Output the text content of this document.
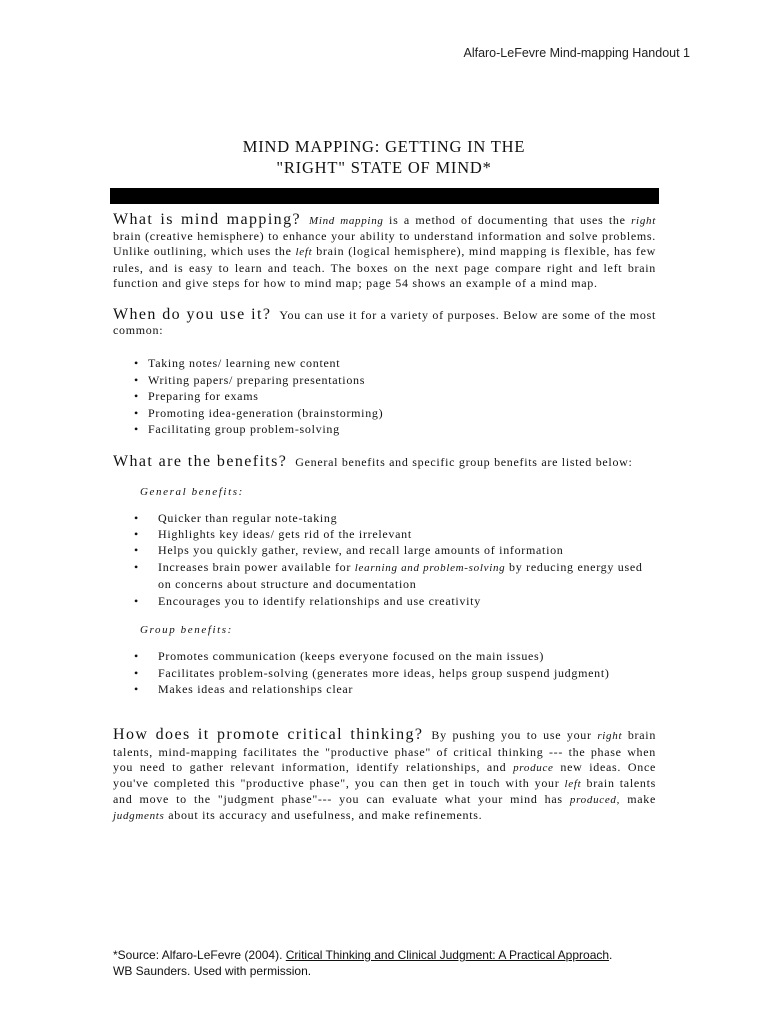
Alfaro-LeFevre Mind-mapping Handout 1
MIND MAPPING: GETTING IN THE
"RIGHT" STATE OF MIND*

What is mind mapping? Mind mapping is a method of documenting that uses the right brain (creative hemisphere) to enhance your ability to understand information and solve problems. Unlike outlining, which uses the left brain (logical hemisphere), mind mapping is flexible, has few rules, and is easy to learn and teach. The boxes on the next page compare right and left brain function and give steps for how to mind map; page 54 shows an example of a mind map.

When do you use it? You can use it for a variety of purposes. Below are some of the most common:

• Taking notes/ learning new content
• Writing papers/ preparing presentations
• Preparing for exams
• Promoting idea-generation (brainstorming)
• Facilitating group problem-solving

What are the benefits? General benefits and specific group benefits are listed below:

General benefits:
• Quicker than regular note-taking
• Highlights key ideas/ gets rid of the irrelevant
• Helps you quickly gather, review, and recall large amounts of information
• Increases brain power available for learning and problem-solving by reducing energy used on concerns about structure and documentation
• Encourages you to identify relationships and use creativity
Group benefits:
• Promotes communication (keeps everyone focused on the main issues)
• Facilitates problem-solving (generates more ideas, helps group suspend judgment)
• Makes ideas and relationships clear

How does it promote critical thinking? By pushing you to use your right brain talents, mind-mapping facilitates the "productive phase" of critical thinking --- the phase when you need to gather relevant information, identify relationships, and produce new ideas. Once you've completed this "productive phase", you can then get in touch with your left brain talents and move to the "judgment phase"--- you can evaluate what your mind has produced, make judgments about its accuracy and usefulness, and make refinements.

*Source: Alfaro-LeFevre (2004). Critical Thinking and Clinical Judgment: A Practical Approach.
WB Saunders. Used with permission.
